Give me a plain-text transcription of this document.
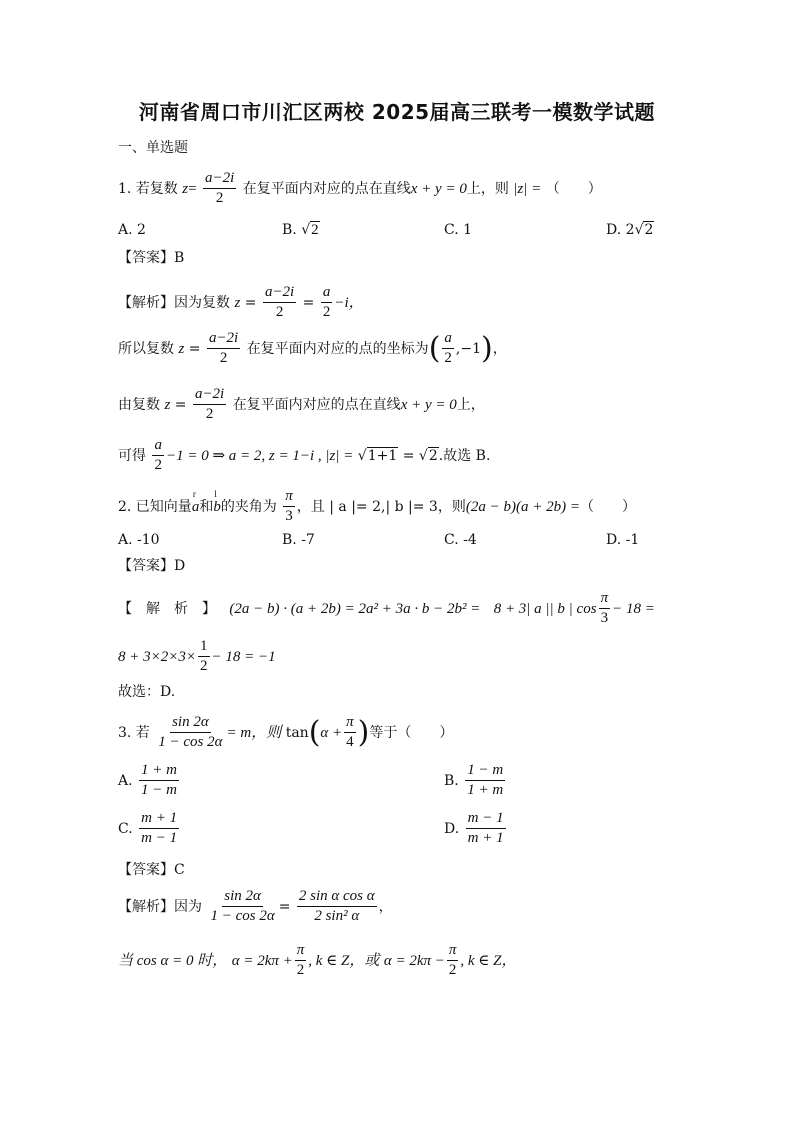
河南省周口市川汇区两校 2025届高三联考一模数学试题
一、单选题
1. 若复数 $z= \frac{a-2i}{2}$ 在复平面内对应的点在直线x + y = 0上，则 |z| = （　　）
A. 2	B. √2	C. 1	D. 2√2
【答案】B
【解析】因为复数 $z = \frac{a-2i}{2} = \frac{a}{2} -i$，
所以复数 $z = \frac{a-2i}{2}$ 在复平面内对应的点的坐标为( $\frac{a}{2} ,-1$)，
由复数 $z = \frac{a-2i}{2}$ 在复平面内对应的点在直线x + y = 0上，
可得 $\frac{a}{2} -1 = 0$ ⇒ a = 2, z = 1−i , |z| = √1+1 = √2.故选 B.
2. 已知向量r a和l b的夹角为 $\frac{\pi}{3}$ ，且 | a |= 2,| b |= 3，则(2a − b)(a + 2b) =（　　）
A. -10	B. -7	C. -4	D. -1
【答案】D
【　解　析　】 (2a − b) · (a + 2b) = 2a² + 3a · b − 2b² = 8 + 3| a || b | $\cos \frac{\pi}{3} - 18$ =
$8 + 3\times 2\times 3\times \frac{1}{2} - 18 = -1$
故选：D.
3. 若 $\frac{\sin 2\alpha}{1 - \cos 2\alpha} = m$，则 $\tan(\alpha + \frac{\pi}{4}$ )等于（　　）
A. $\frac{1 + m}{1 - m}$	B. $\frac{1 - m}{1 + m}$
C. $\frac{m + 1}{m - 1}$	D. $\frac{m - 1}{m + 1}$
【答案】C
【解析】因为 $\frac{\sin 2\alpha}{1 - \cos 2\alpha} = \frac{\text{2 sin α cos α}}{\text{2 sin² α}}$ ，
当 cos α = 0 时， $\alpha = 2k\pi + \frac{\pi}{2}$ , k ∈ Z，或 $\alpha = 2k\pi - \frac{\pi}{2}$ , k ∈ Z，
